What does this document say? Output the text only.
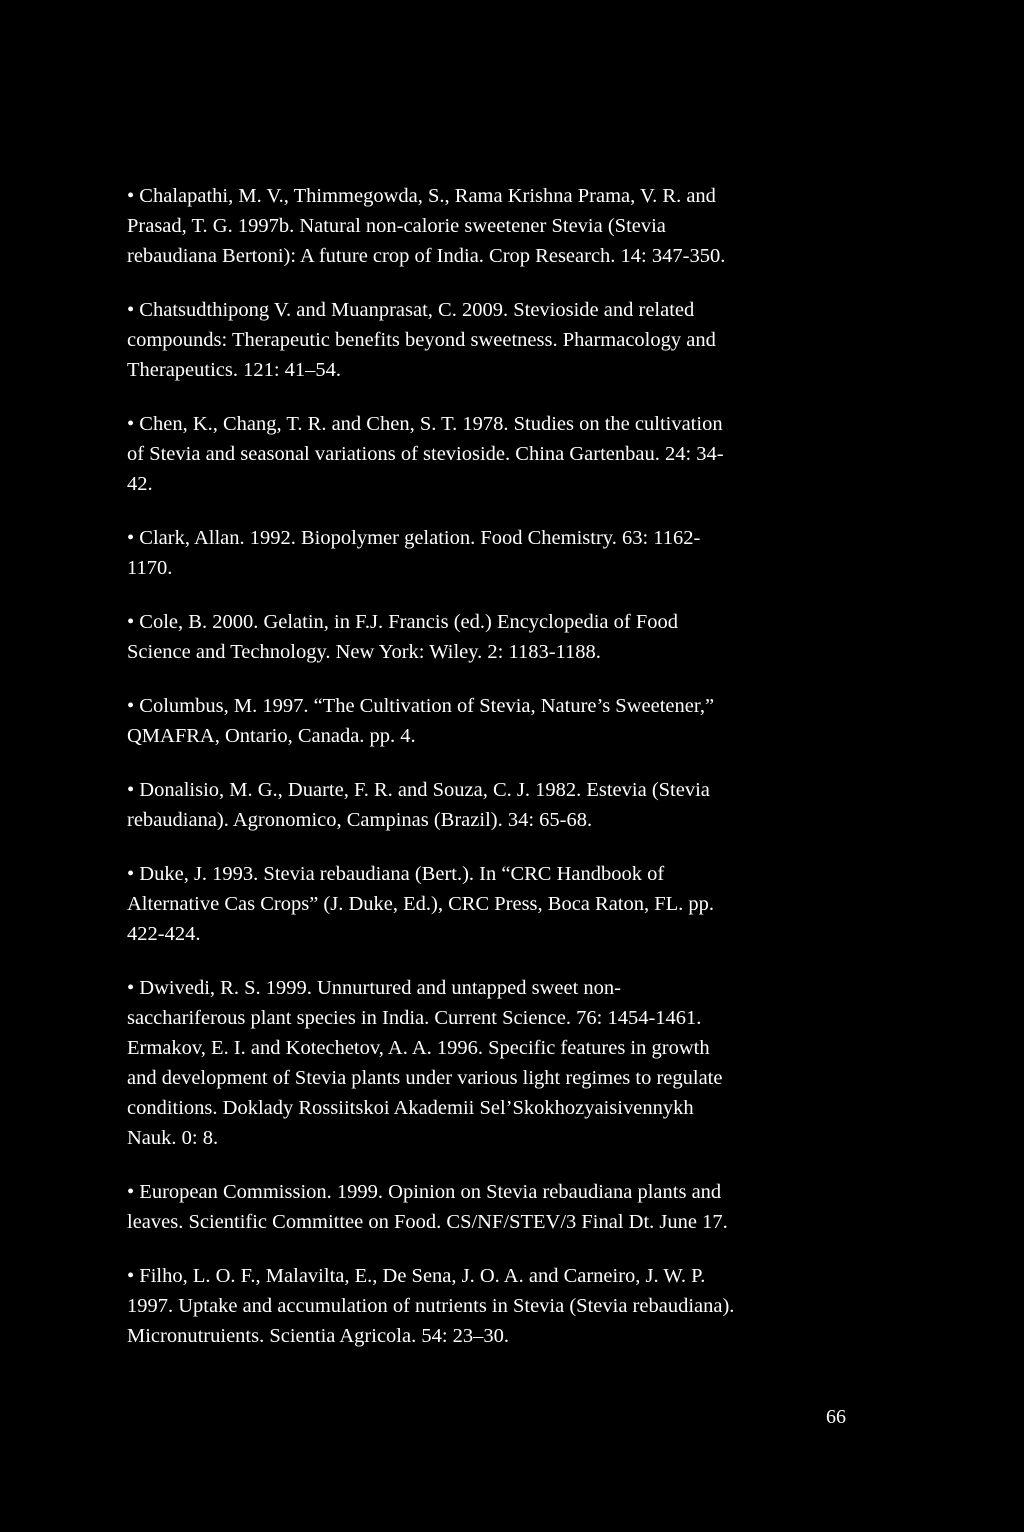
• Chalapathi, M. V., Thimmegowda, S., Rama Krishna Prama, V. R. and
Prasad, T. G. 1997b. Natural non-calorie sweetener Stevia (Stevia
rebaudiana Bertoni): A future crop of India. Crop Research. 14: 347-350.

• Chatsudthipong V. and Muanprasat, C. 2009. Stevioside and related
compounds: Therapeutic benefits beyond sweetness. Pharmacology and
Therapeutics. 121: 41–54.

• Chen, K., Chang, T. R. and Chen, S. T. 1978. Studies on the cultivation
of Stevia and seasonal variations of stevioside. China Gartenbau. 24: 34-
42.

• Clark, Allan. 1992. Biopolymer gelation. Food Chemistry. 63: 1162-
1170.

• Cole, B. 2000. Gelatin, in F.J. Francis (ed.) Encyclopedia of Food
Science and Technology. New York: Wiley. 2: 1183-1188.

• Columbus, M. 1997. “The Cultivation of Stevia, Nature’s Sweetener,”
QMAFRA, Ontario, Canada. pp. 4.

• Donalisio, M. G., Duarte, F. R. and Souza, C. J. 1982. Estevia (Stevia
rebaudiana). Agronomico, Campinas (Brazil). 34: 65-68.

• Duke, J. 1993. Stevia rebaudiana (Bert.). In “CRC Handbook of
Alternative Cas Crops” (J. Duke, Ed.), CRC Press, Boca Raton, FL. pp.
422-424.

• Dwivedi, R. S. 1999. Unnurtured and untapped sweet non-
sacchariferous plant species in India. Current Science. 76: 1454-1461.
Ermakov, E. I. and Kotechetov, A. A. 1996. Specific features in growth
and development of Stevia plants under various light regimes to regulate
conditions. Doklady Rossiitskoi Akademii Sel’Skokhozyaisivennykh
Nauk. 0: 8.

• European Commission. 1999. Opinion on Stevia rebaudiana plants and
leaves. Scientific Committee on Food. CS/NF/STEV/3 Final Dt. June 17.

• Filho, L. O. F., Malavilta, E., De Sena, J. O. A. and Carneiro, J. W. P.
1997. Uptake and accumulation of nutrients in Stevia (Stevia rebaudiana).
Micronutruients. Scientia Agricola. 54: 23–30.

66
